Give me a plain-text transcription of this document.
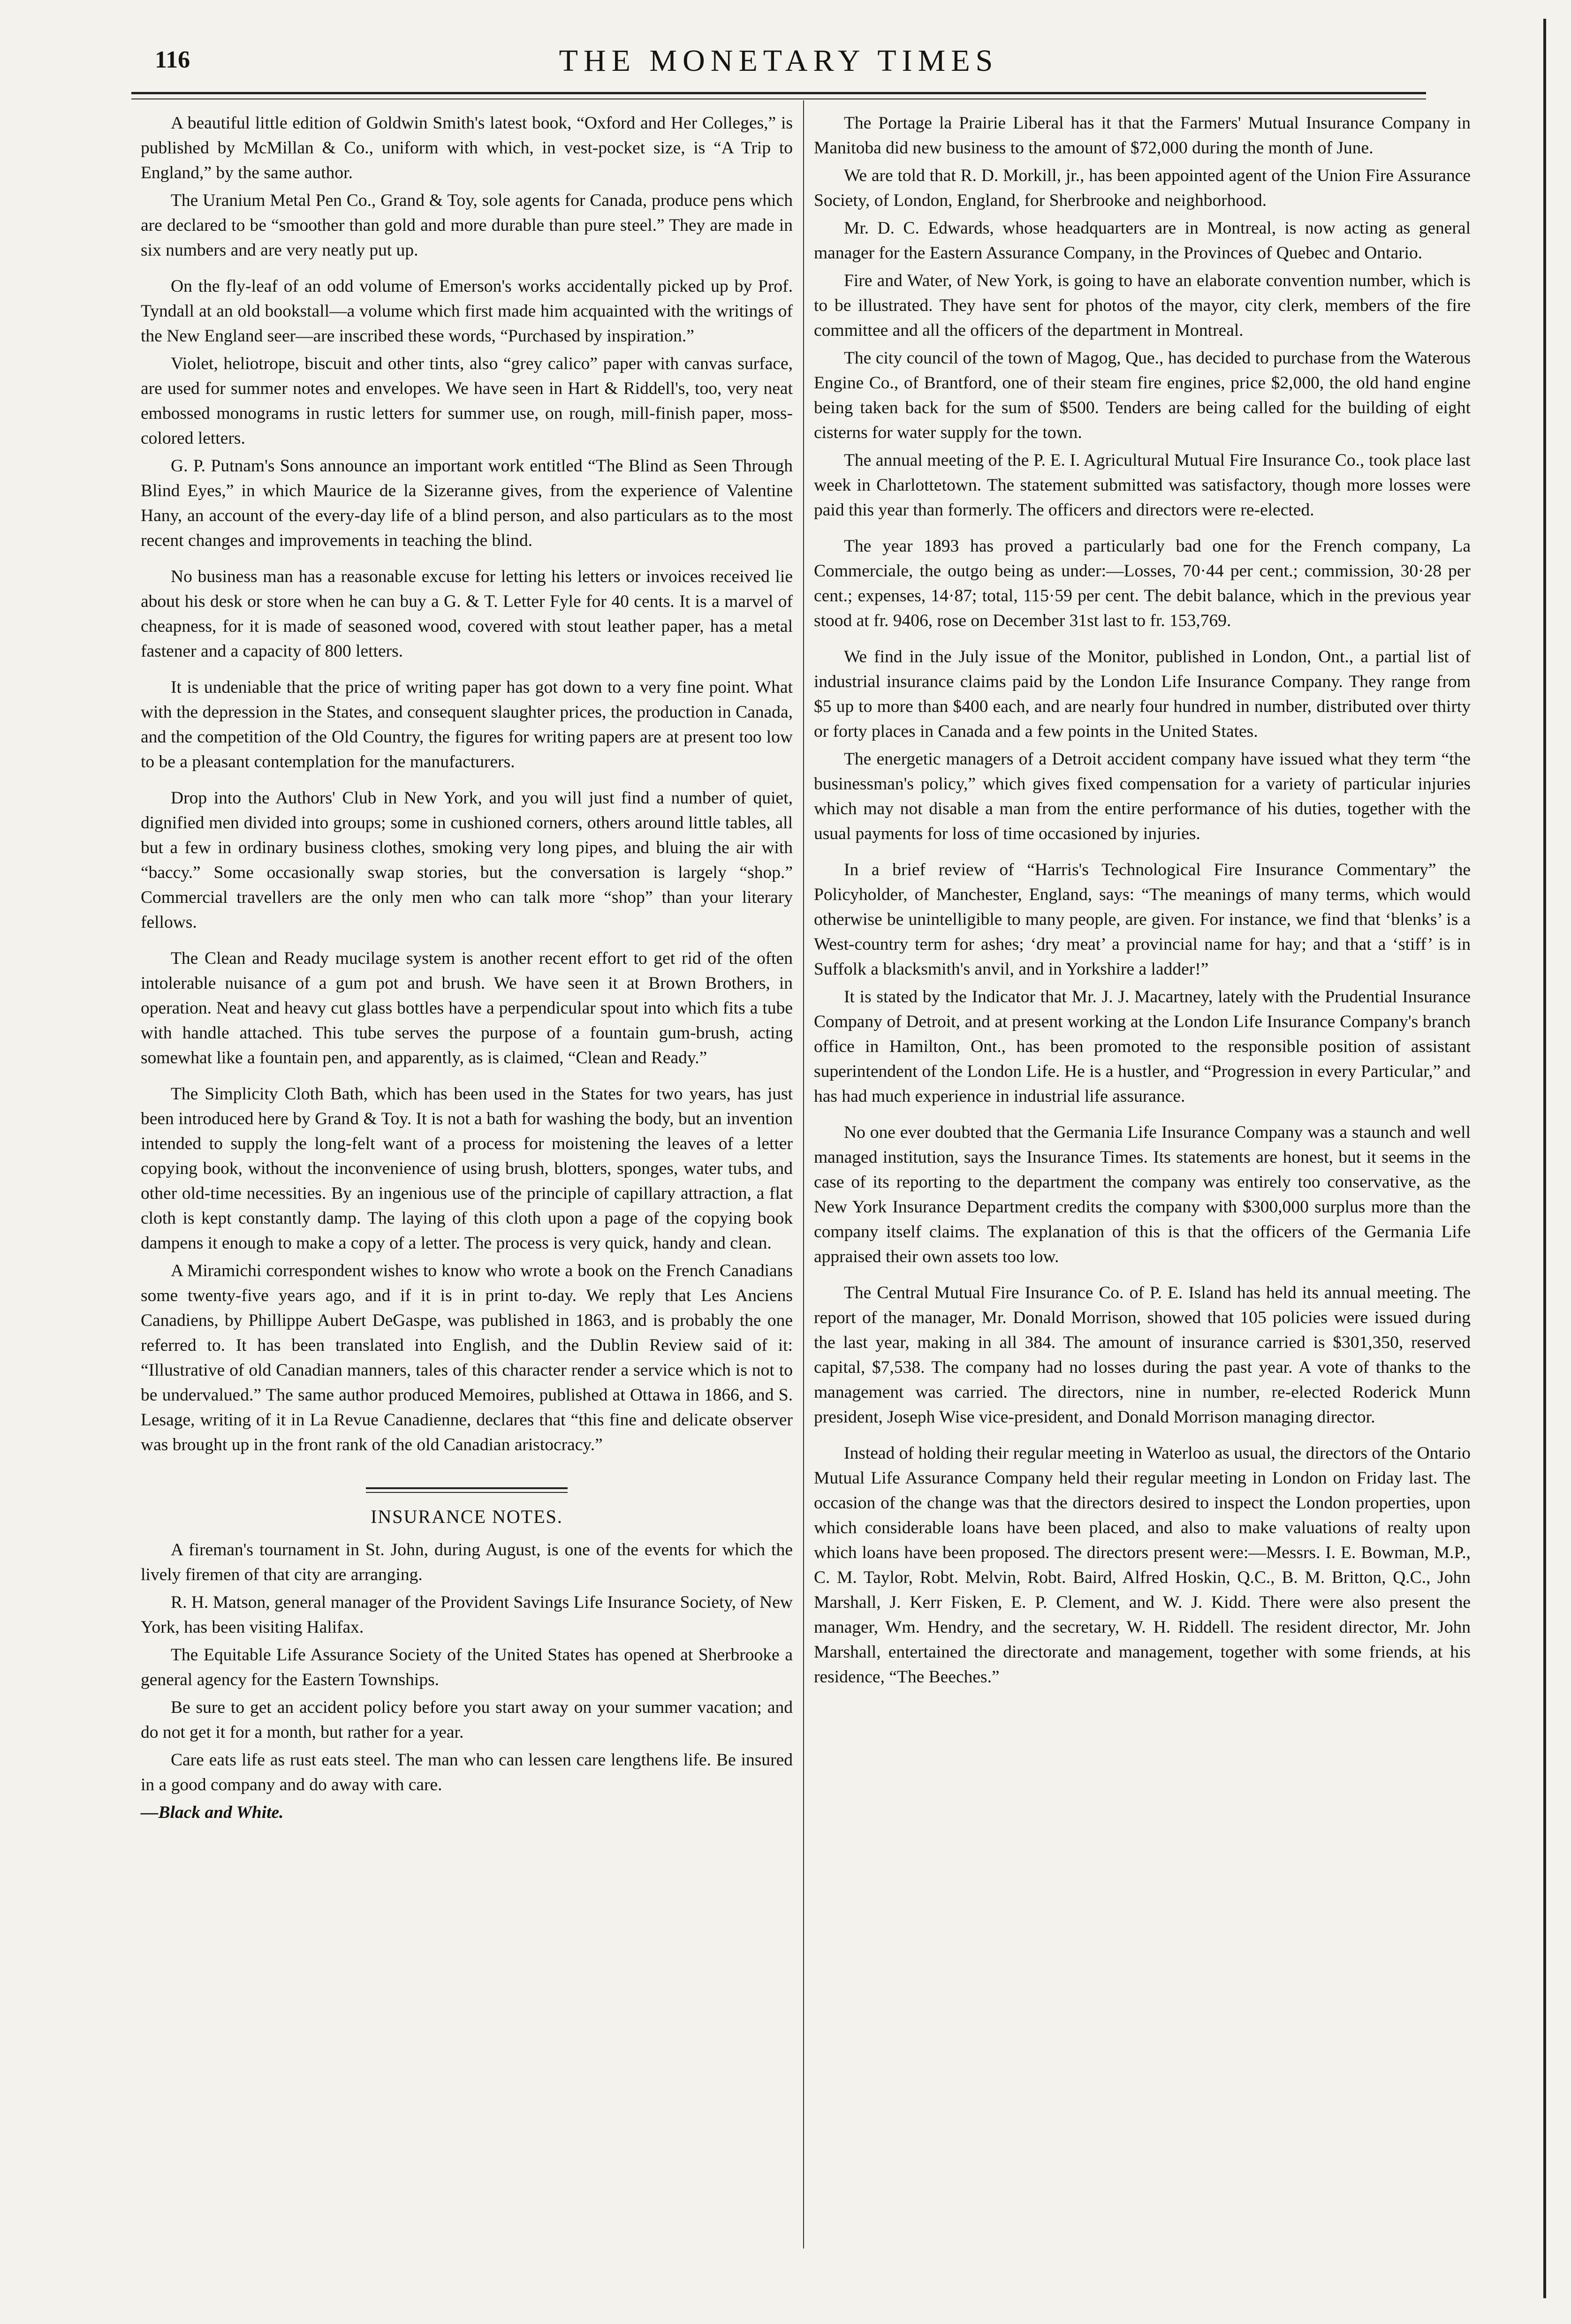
116	THE MONETARY TIMES

A beautiful little edition of Goldwin Smith's latest book, “Oxford and Her Colleges,” is published by McMillan & Co., uniform with which, in vest-pocket size, is “A Trip to England,” by the same author.

The Uranium Metal Pen Co., Grand & Toy, sole agents for Canada, produce pens which are declared to be “smoother than gold and more durable than pure steel.” They are made in six numbers and are very neatly put up.

On the fly-leaf of an odd volume of Emerson's works accidentally picked up by Prof. Tyndall at an old bookstall—a volume which first made him acquainted with the writings of the New England seer—are inscribed these words, “Purchased by inspiration.”

Violet, heliotrope, biscuit and other tints, also “grey calico” paper with canvas surface, are used for summer notes and envelopes. We have seen in Hart & Riddell's, too, very neat embossed monograms in rustic letters for summer use, on rough, mill-finish paper, moss-colored letters.

G. P. Putnam's Sons announce an important work entitled “The Blind as Seen Through Blind Eyes,” in which Maurice de la Sizeranne gives, from the experience of Valentine Hany, an account of the every-day life of a blind person, and also particulars as to the most recent changes and improvements in teaching the blind.

No business man has a reasonable excuse for letting his letters or invoices received lie about his desk or store when he can buy a G. & T. Letter Fyle for 40 cents. It is a marvel of cheapness, for it is made of seasoned wood, covered with stout leather paper, has a metal fastener and a capacity of 800 letters.

It is undeniable that the price of writing paper has got down to a very fine point. What with the depression in the States, and consequent slaughter prices, the production in Canada, and the competition of the Old Country, the figures for writing papers are at present too low to be a pleasant contemplation for the manufacturers.

Drop into the Authors' Club in New York, and you will just find a number of quiet, dignified men divided into groups; some in cushioned corners, others around little tables, all but a few in ordinary business clothes, smoking very long pipes, and bluing the air with “baccy.” Some occasionally swap stories, but the conversation is largely “shop.” Commercial travellers are the only men who can talk more “shop” than your literary fellows.

The Clean and Ready mucilage system is another recent effort to get rid of the often intolerable nuisance of a gum pot and brush. We have seen it at Brown Brothers, in operation. Neat and heavy cut glass bottles have a perpendicular spout into which fits a tube with handle attached. This tube serves the purpose of a fountain gum-brush, acting somewhat like a fountain pen, and apparently, as is claimed, “Clean and Ready.”

The Simplicity Cloth Bath, which has been used in the States for two years, has just been introduced here by Grand & Toy. It is not a bath for washing the body, but an invention intended to supply the long-felt want of a process for moistening the leaves of a letter copying book, without the inconvenience of using brush, blotters, sponges, water tubs, and other old-time necessities. By an ingenious use of the principle of capillary attraction, a flat cloth is kept constantly damp. The laying of this cloth upon a page of the copying book dampens it enough to make a copy of a letter. The process is very quick, handy and clean.

A Miramichi correspondent wishes to know who wrote a book on the French Canadians some twenty-five years ago, and if it is in print to-day. We reply that Les Anciens Canadiens, by Phillippe Aubert DeGaspe, was published in 1863, and is probably the one referred to. It has been translated into English, and the Dublin Review said of it: “Illustrative of old Canadian manners, tales of this character render a service which is not to be undervalued.” The same author produced Memoires, published at Ottawa in 1866, and S. Lesage, writing of it in La Revue Canadienne, declares that “this fine and delicate observer was brought up in the front rank of the old Canadian aristocracy.”

INSURANCE NOTES.

A fireman's tournament in St. John, during August, is one of the events for which the lively firemen of that city are arranging.

R. H. Matson, general manager of the Provident Savings Life Insurance Society, of New York, has been visiting Halifax.

The Equitable Life Assurance Society of the United States has opened at Sherbrooke a general agency for the Eastern Townships.

Be sure to get an accident policy before you start away on your summer vacation; and do not get it for a month, but rather for a year.

Care eats life as rust eats steel. The man who can lessen care lengthens life. Be insured in a good company and do away with care.

—Black and White.

The Portage la Prairie Liberal has it that the Farmers' Mutual Insurance Company in Manitoba did new business to the amount of $72,000 during the month of June.

We are told that R. D. Morkill, jr., has been appointed agent of the Union Fire Assurance Society, of London, England, for Sherbrooke and neighborhood.

Mr. D. C. Edwards, whose headquarters are in Montreal, is now acting as general manager for the Eastern Assurance Company, in the Provinces of Quebec and Ontario.

Fire and Water, of New York, is going to have an elaborate convention number, which is to be illustrated. They have sent for photos of the mayor, city clerk, members of the fire committee and all the officers of the department in Montreal.

The city council of the town of Magog, Que., has decided to purchase from the Waterous Engine Co., of Brantford, one of their steam fire engines, price $2,000, the old hand engine being taken back for the sum of $500. Tenders are being called for the building of eight cisterns for water supply for the town.

The annual meeting of the P. E. I. Agricultural Mutual Fire Insurance Co., took place last week in Charlottetown. The statement submitted was satisfactory, though more losses were paid this year than formerly. The officers and directors were re-elected.

The year 1893 has proved a particularly bad one for the French company, La Commerciale, the outgo being as under:—Losses, 70·44 per cent.; commission, 30·28 per cent.; expenses, 14·87; total, 115·59 per cent. The debit balance, which in the previous year stood at fr. 9406, rose on December 31st last to fr. 153,769.

We find in the July issue of the Monitor, published in London, Ont., a partial list of industrial insurance claims paid by the London Life Insurance Company. They range from $5 up to more than $400 each, and are nearly four hundred in number, distributed over thirty or forty places in Canada and a few points in the United States.

The energetic managers of a Detroit accident company have issued what they term “the businessman's policy,” which gives fixed compensation for a variety of particular injuries which may not disable a man from the entire performance of his duties, together with the usual payments for loss of time occasioned by injuries.

In a brief review of “Harris's Technological Fire Insurance Commentary” the Policyholder, of Manchester, England, says: “The meanings of many terms, which would otherwise be unintelligible to many people, are given. For instance, we find that ‘blenks’ is a West-country term for ashes; ‘dry meat’ a provincial name for hay; and that a ‘stiff’ is in Suffolk a blacksmith's anvil, and in Yorkshire a ladder!”

It is stated by the Indicator that Mr. J. J. Macartney, lately with the Prudential Insurance Company of Detroit, and at present working at the London Life Insurance Company's branch office in Hamilton, Ont., has been promoted to the responsible position of assistant superintendent of the London Life. He is a hustler, and “Progression in every Particular,” and has had much experience in industrial life assurance.

No one ever doubted that the Germania Life Insurance Company was a staunch and well managed institution, says the Insurance Times. Its statements are honest, but it seems in the case of its reporting to the department the company was entirely too conservative, as the New York Insurance Department credits the company with $300,000 surplus more than the company itself claims. The explanation of this is that the officers of the Germania Life appraised their own assets too low.

The Central Mutual Fire Insurance Co. of P. E. Island has held its annual meeting. The report of the manager, Mr. Donald Morrison, showed that 105 policies were issued during the last year, making in all 384. The amount of insurance carried is $301,350, reserved capital, $7,538. The company had no losses during the past year. A vote of thanks to the management was carried. The directors, nine in number, re-elected Roderick Munn president, Joseph Wise vice-president, and Donald Morrison managing director.

Instead of holding their regular meeting in Waterloo as usual, the directors of the Ontario Mutual Life Assurance Company held their regular meeting in London on Friday last. The occasion of the change was that the directors desired to inspect the London properties, upon which considerable loans have been placed, and also to make valuations of realty upon which loans have been proposed. The directors present were:—Messrs. I. E. Bowman, M.P., C. M. Taylor, Robt. Melvin, Robt. Baird, Alfred Hoskin, Q.C., B. M. Britton, Q.C., John Marshall, J. Kerr Fisken, E. P. Clement, and W. J. Kidd. There were also present the manager, Wm. Hendry, and the secretary, W. H. Riddell. The resident director, Mr. John Marshall, entertained the directorate and management, together with some friends, at his residence, “The Beeches.”
